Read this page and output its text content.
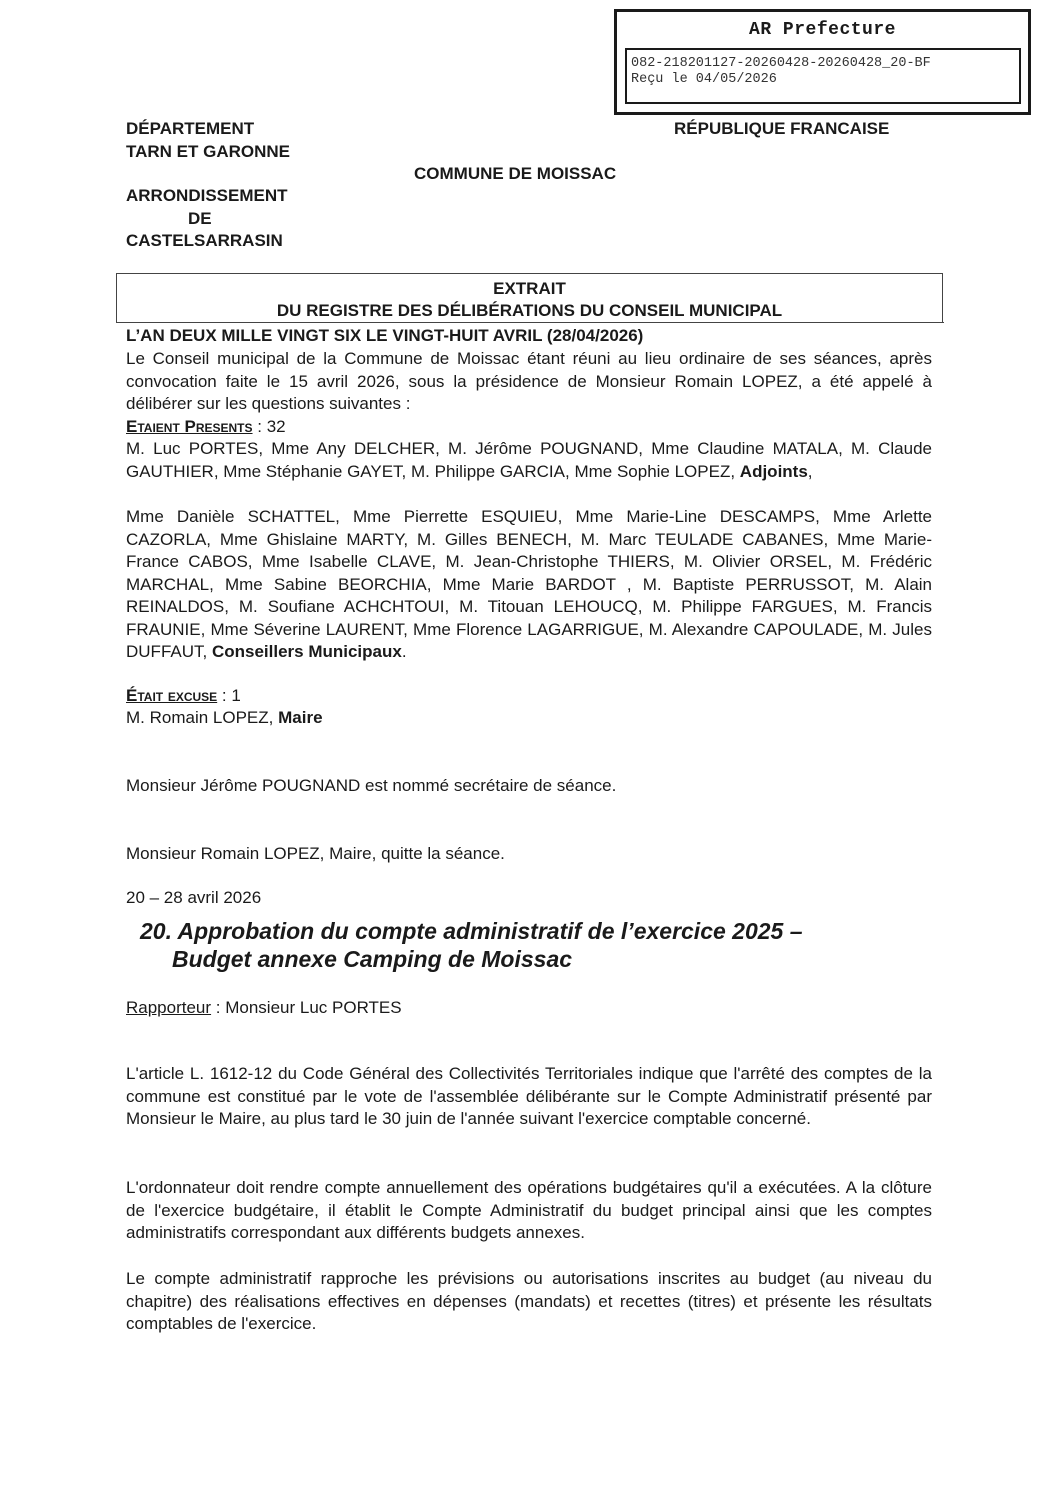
AR Prefecture
082-218201127-20260428-20260428_20-BF
Reçu le 04/05/2026
DÉPARTEMENT
TARN ET GARONNE
RÉPUBLIQUE FRANCAISE
COMMUNE DE MOISSAC
ARRONDISSEMENT
DE
CASTELSARRASIN
EXTRAIT
DU REGISTRE DES DÉLIBÉRATIONS DU CONSEIL MUNICIPAL
L’AN DEUX MILLE VINGT SIX LE VINGT-HUIT AVRIL (28/04/2026)
Le Conseil municipal de la Commune de Moissac étant réuni au lieu ordinaire de ses séances, après convocation faite le 15 avril 2026, sous la présidence de Monsieur Romain LOPEZ, a été appelé à délibérer sur les questions suivantes :
Etaient Presents : 32
M. Luc PORTES, Mme Any DELCHER, M. Jérôme POUGNAND, Mme Claudine MATALA, M. Claude GAUTHIER, Mme Stéphanie GAYET, M. Philippe GARCIA, Mme Sophie LOPEZ, Adjoints,
Mme Danièle SCHATTEL, Mme Pierrette ESQUIEU, Mme Marie-Line DESCAMPS, Mme Arlette CAZORLA, Mme Ghislaine MARTY, M. Gilles BENECH, M. Marc TEULADE CABANES, Mme Marie-France CABOS, Mme Isabelle CLAVE, M. Jean-Christophe THIERS, M. Olivier ORSEL, M. Frédéric MARCHAL, Mme Sabine BEORCHIA, Mme Marie BARDOT , M. Baptiste PERRUSSOT, M. Alain REINALDOS, M. Soufiane ACHCHTOUI, M. Titouan LEHOUCQ, M. Philippe FARGUES, M. Francis FRAUNIE, Mme Séverine LAURENT, Mme Florence LAGARRIGUE, M. Alexandre CAPOULADE, M. Jules DUFFAUT, Conseillers Municipaux.
Était excuse : 1
M. Romain LOPEZ, Maire
Monsieur Jérôme POUGNAND est nommé secrétaire de séance.
Monsieur Romain LOPEZ, Maire, quitte la séance.
20 – 28 avril 2026
20. Approbation du compte administratif de l’exercice 2025 –
Budget annexe Camping de Moissac
Rapporteur : Monsieur Luc PORTES
L'article L. 1612-12 du Code Général des Collectivités Territoriales indique que l'arrêté des comptes de la commune est constitué par le vote de l'assemblée délibérante sur le Compte Administratif présenté par Monsieur le Maire, au plus tard le 30 juin de l'année suivant l'exercice comptable concerné.
L'ordonnateur doit rendre compte annuellement des opérations budgétaires qu'il a exécutées. A la clôture de l'exercice budgétaire, il établit le Compte Administratif du budget principal ainsi que les comptes administratifs correspondant aux différents budgets annexes.
Le compte administratif rapproche les prévisions ou autorisations inscrites au budget (au niveau du chapitre) des réalisations effectives en dépenses (mandats) et recettes (titres) et présente les résultats comptables de l'exercice.
